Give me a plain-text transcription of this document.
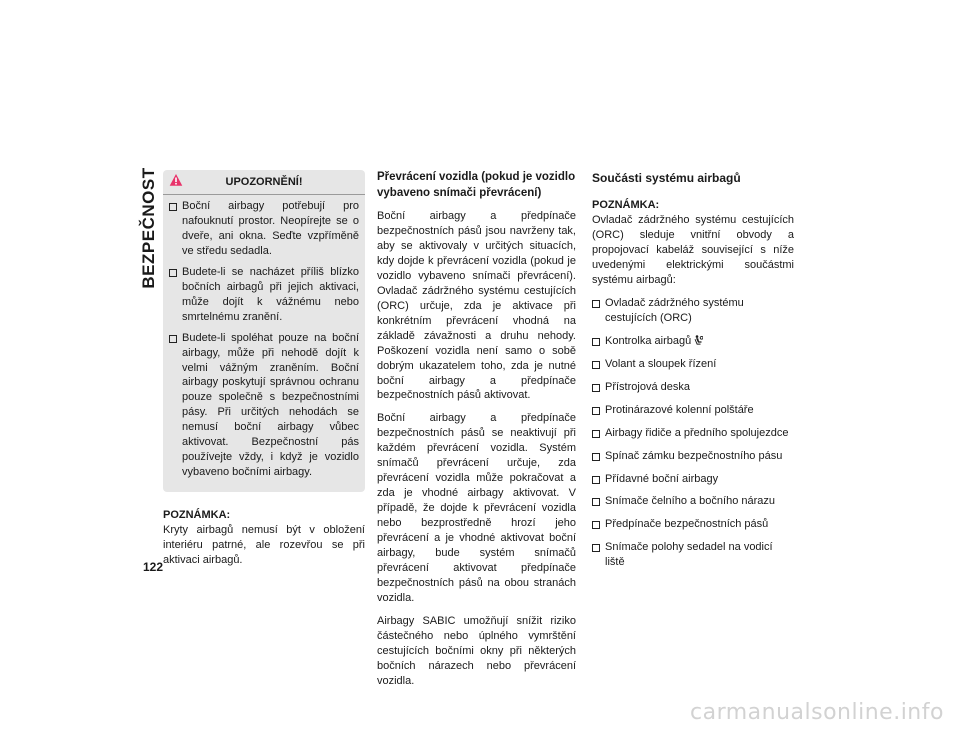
BEZPEČNOST
122
UPOZORNĚNÍ!
Boční airbagy potřebují pro nafouknutí prostor. Neopírejte se o dveře, ani okna. Seďte vzpříměně ve středu sedadla.
Budete-li se nacházet příliš blízko bočních airbagů při jejich aktivaci, může dojít k vážnému nebo smrtelnému zranění.
Budete-li spoléhat pouze na boční airbagy, může při nehodě dojít k velmi vážným zraněním. Boční airbagy poskytují správnou ochranu pouze společně s bezpečnostními pásy. Při určitých nehodách se nemusí boční airbagy vůbec aktivovat. Bezpečnostní pás používejte vždy, i když je vozidlo vybaveno bočními airbagy.
POZNÁMKA:
Kryty airbagů nemusí být v obložení interiéru patrné, ale rozevřou se při aktivaci airbagů.
Převrácení vozidla (pokud je vozidlo vybaveno snímači převrácení)

Boční airbagy a předpínače bezpečnostních pásů jsou navrženy tak, aby se aktivovaly v určitých situacích, kdy dojde k převrácení vozidla (pokud je vozidlo vybaveno snímači převrácení). Ovladač zádržného systému cestujících (ORC) určuje, zda je aktivace při konkrétním převrácení vhodná na základě závažnosti a druhu nehody. Poškození vozidla není samo o sobě dobrým ukazatelem toho, zda je nutné boční airbagy a předpínače bezpečnostních pásů aktivovat.

Boční airbagy a předpínače bezpečnostních pásů se neaktivují při každém převrácení vozidla. Systém snímačů převrácení určuje, zda převrácení vozidla může pokračovat a zda je vhodné airbagy aktivovat. V případě, že dojde k převrácení vozidla nebo bezprostředně hrozí jeho převrácení a je vhodné aktivovat boční airbagy, bude systém snímačů převrácení aktivovat předpínače bezpečnostních pásů na obou stranách vozidla.

Airbagy SABIC umožňují snížit riziko částečného nebo úplného vymrštění cestujících bočními okny při některých bočních nárazech nebo převrácení vozidla.

Součásti systému airbagů
POZNÁMKA:

Ovladač zádržného systému cestujících (ORC) sleduje vnitřní obvody a propojovací kabeláž související s níže uvedenými elektrickými součástmi systému airbagů:

Ovladač zádržného systému cestujících (ORC)
Kontrolka airbagů
Volant a sloupek řízení
Přístrojová deska
Protinárazové kolenní polštáře
Airbagy řidiče a předního spolujezdce
Spínač zámku bezpečnostního pásu
Přídavné boční airbagy
Snímače čelního a bočního nárazu
Předpínače bezpečnostních pásů
Snímače polohy sedadel na vodicí liště
carmanualsonline.info
